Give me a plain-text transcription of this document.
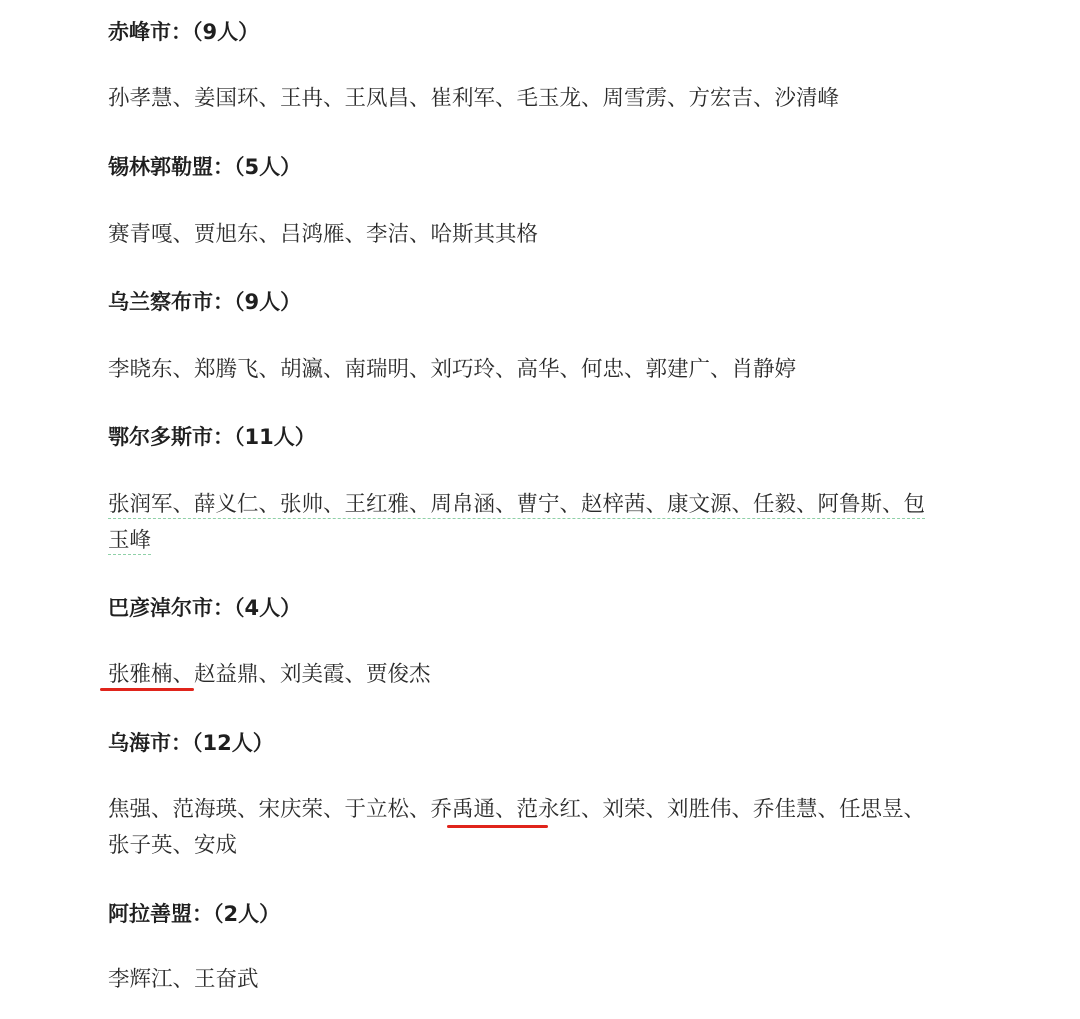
赤峰市：（9人）
孙孝慧、姜国环、王冉、王凤昌、崔利军、毛玉龙、周雪雳、方宏吉、沙清峰
锡林郭勒盟：（5人）
赛青嘎、贾旭东、吕鸿雁、李洁、哈斯其其格
乌兰察布市：（9人）
李晓东、郑腾飞、胡瀛、南瑞明、刘巧玲、高华、何忠、郭建广、肖静婷
鄂尔多斯市：（11人）
张润军、薛义仁、张帅、王红雅、周帛涵、曹宁、赵梓茜、康文源、任毅、阿鲁斯、包
玉峰
巴彦淖尔市：（4人）
张雅楠、赵益鼎、刘美霞、贾俊杰
乌海市：（12人）
焦强、范海瑛、宋庆荣、于立松、乔禹通、范永红、刘荣、刘胜伟、乔佳慧、任思昱、
张子英、安成
阿拉善盟：（2人）
李辉江、王奋武
